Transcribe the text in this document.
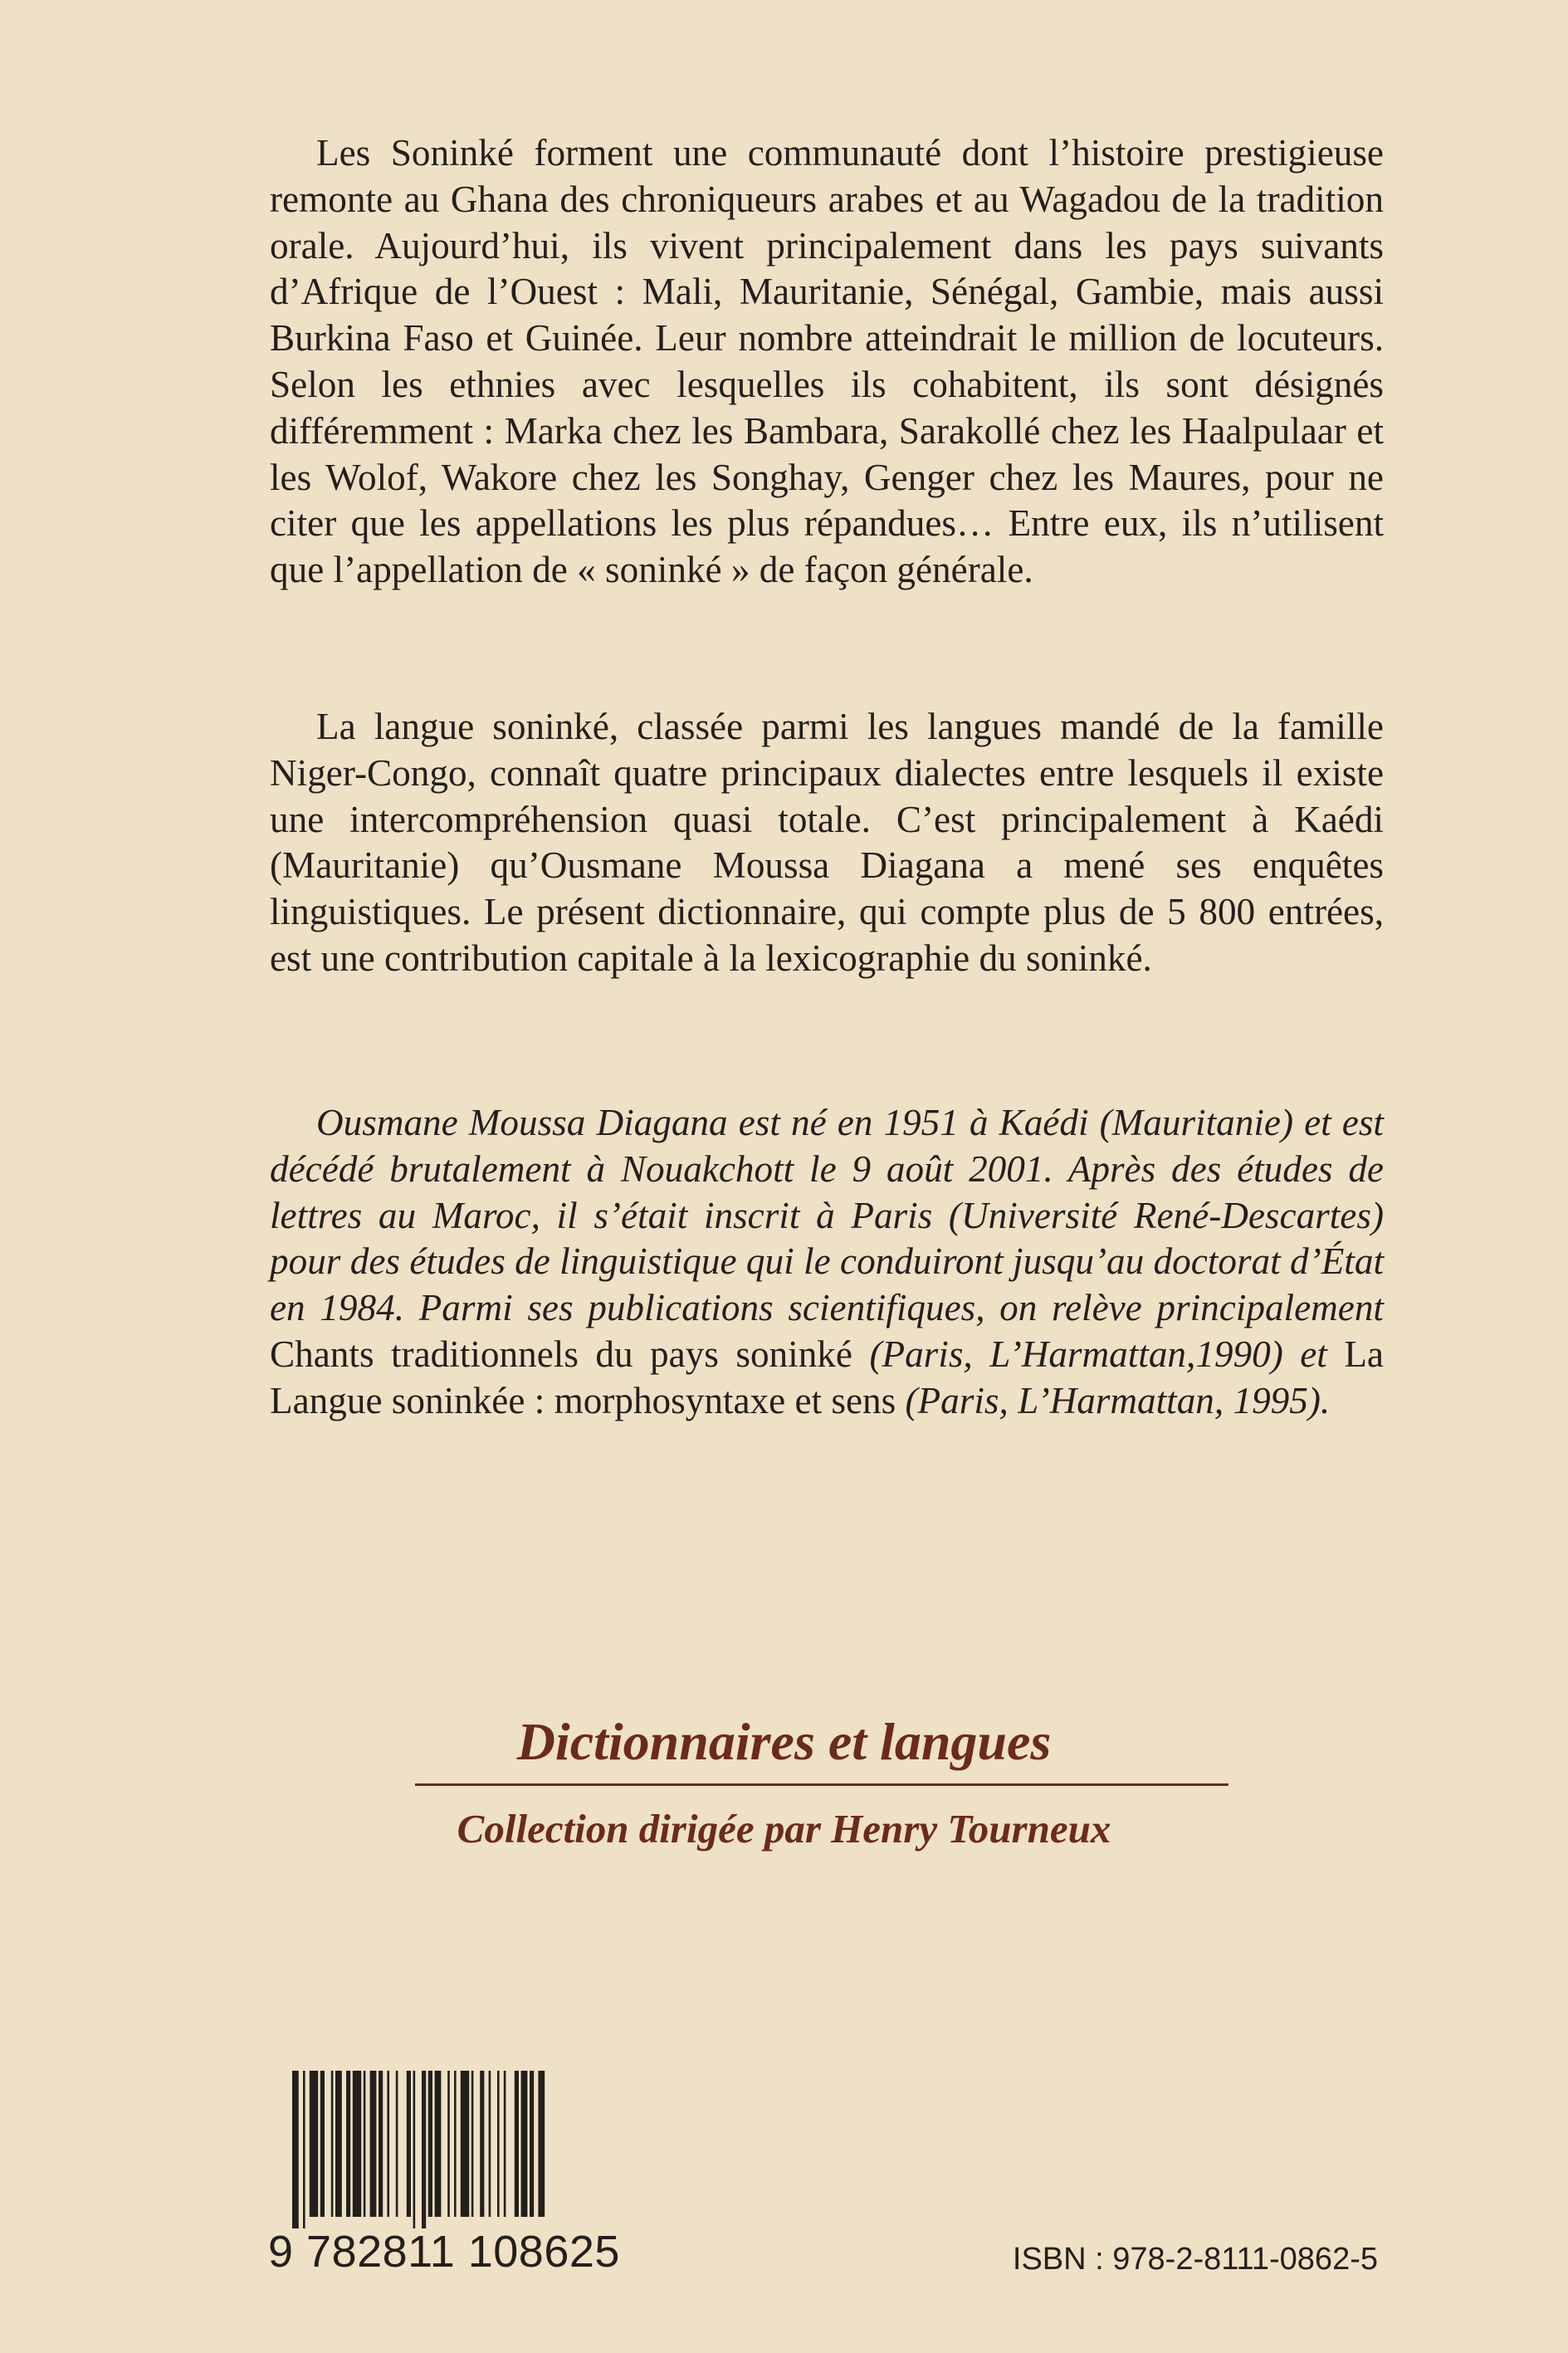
Les Soninké forment une communauté dont l’histoire prestigieuse remonte au Ghana des chroniqueurs arabes et au Wagadou de la tradition orale. Aujourd’hui, ils vivent principalement dans les pays suivants d’Afrique de l’Ouest : Mali, Mauritanie, Sénégal, Gambie, mais aussi Burkina Faso et Guinée. Leur nombre atteindrait le million de locuteurs. Selon les ethnies avec lesquelles ils cohabitent, ils sont désignés différemment : Marka chez les Bambara, Sarakollé chez les Haalpulaar et les Wolof, Wakore chez les Songhay, Genger chez les Maures, pour ne citer que les appellations les plus répandues… Entre eux, ils n’utilisent que l’appellation de « soninké » de façon générale.

La langue soninké, classée parmi les langues mandé de la famille Niger-Congo, connaît quatre principaux dialectes entre lesquels il existe une intercompréhension quasi totale. C’est principalement à Kaédi (Mauritanie) qu’Ousmane Moussa Diagana a mené ses enquêtes linguistiques. Le présent dictionnaire, qui compte plus de 5 800 entrées, est une contribution capitale à la lexicographie du soninké.

Ousmane Moussa Diagana est né en 1951 à Kaédi (Mauritanie) et est décédé brutalement à Nouakchott le 9 août 2001. Après des études de lettres au Maroc, il s’était inscrit à Paris (Université René-Descartes) pour des études de linguistique qui le conduiront jusqu’au doctorat d’État en 1984. Parmi ses publications scientifiques, on relève principalement Chants traditionnels du pays soninké (Paris, L’Harmattan,1990) et La Langue soninkée : morphosyntaxe et sens (Paris, L’Harmattan, 1995).

Dictionnaires et langues

Collection dirigée par Henry Tourneux

9 782811 108625	ISBN : 978-2-8111-0862-5
